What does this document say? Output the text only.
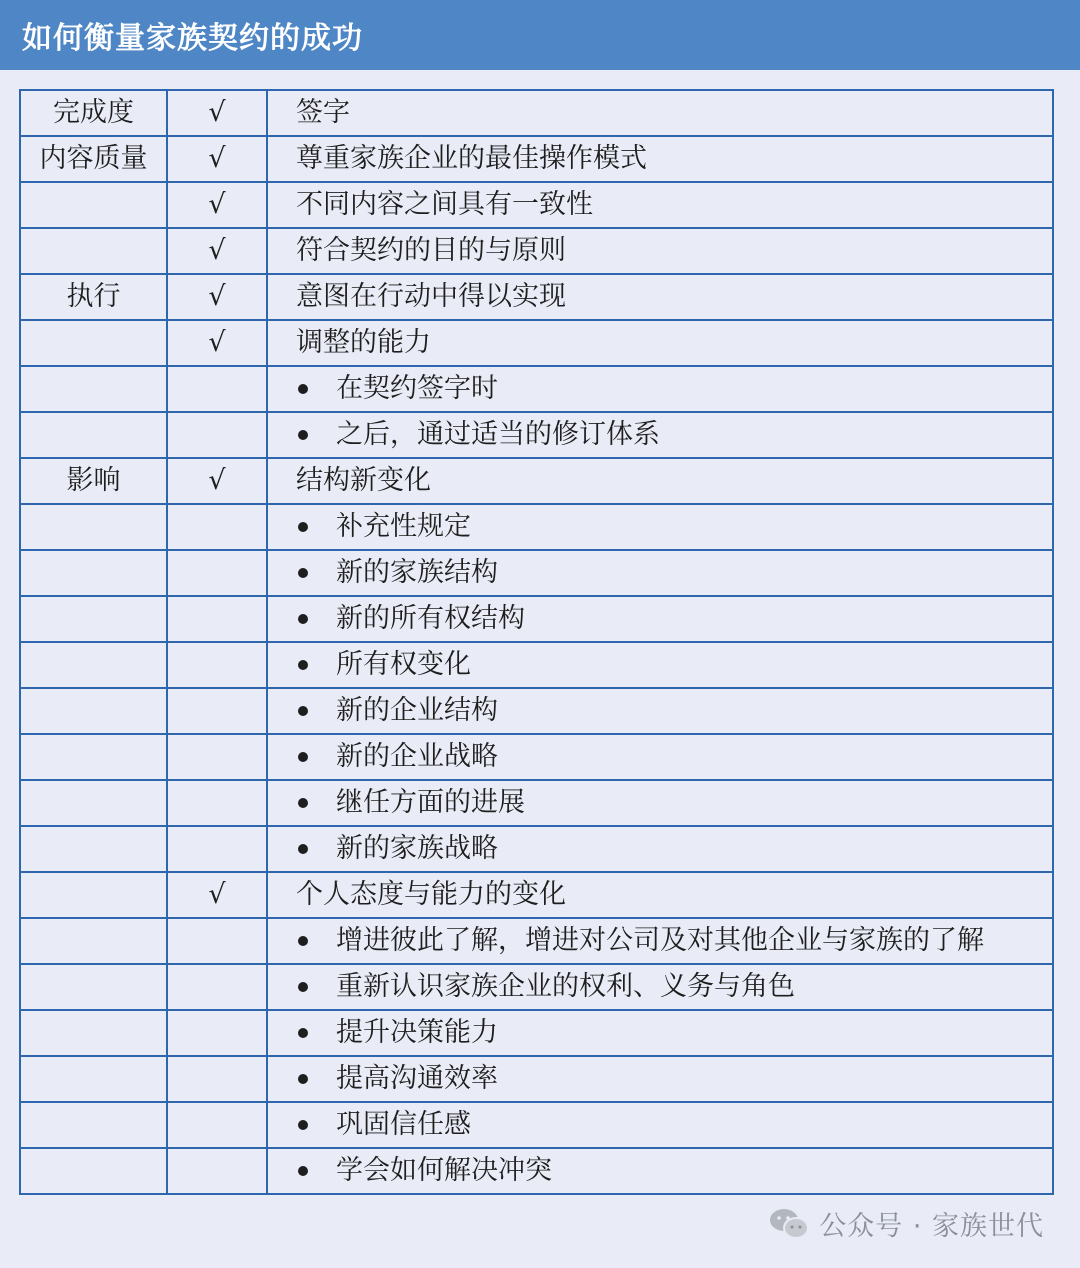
如何衡量家族契约的成功
完成度	√	签字

内容质量	√	尊重家族企业的最佳操作模式

	√	不同内容之间具有一致性

	√	符合契约的目的与原则

执行	√	意图在行动中得以实现

	√	调整的能力

		在契约签字时

		之后，通过适当的修订体系

影响	√	结构新变化

		补充性规定

		新的家族结构

		新的所有权结构

		所有权变化

		新的企业结构

		新的企业战略

		继任方面的进展

		新的家族战略

	√	个人态度与能力的变化

		增进彼此了解，增进对公司及对其他企业与家族的了解

		重新认识家族企业的权利、义务与角色

		提升决策能力

		提高沟通效率

		巩固信任感

		学会如何解决冲突
公众号 · 家族世代
